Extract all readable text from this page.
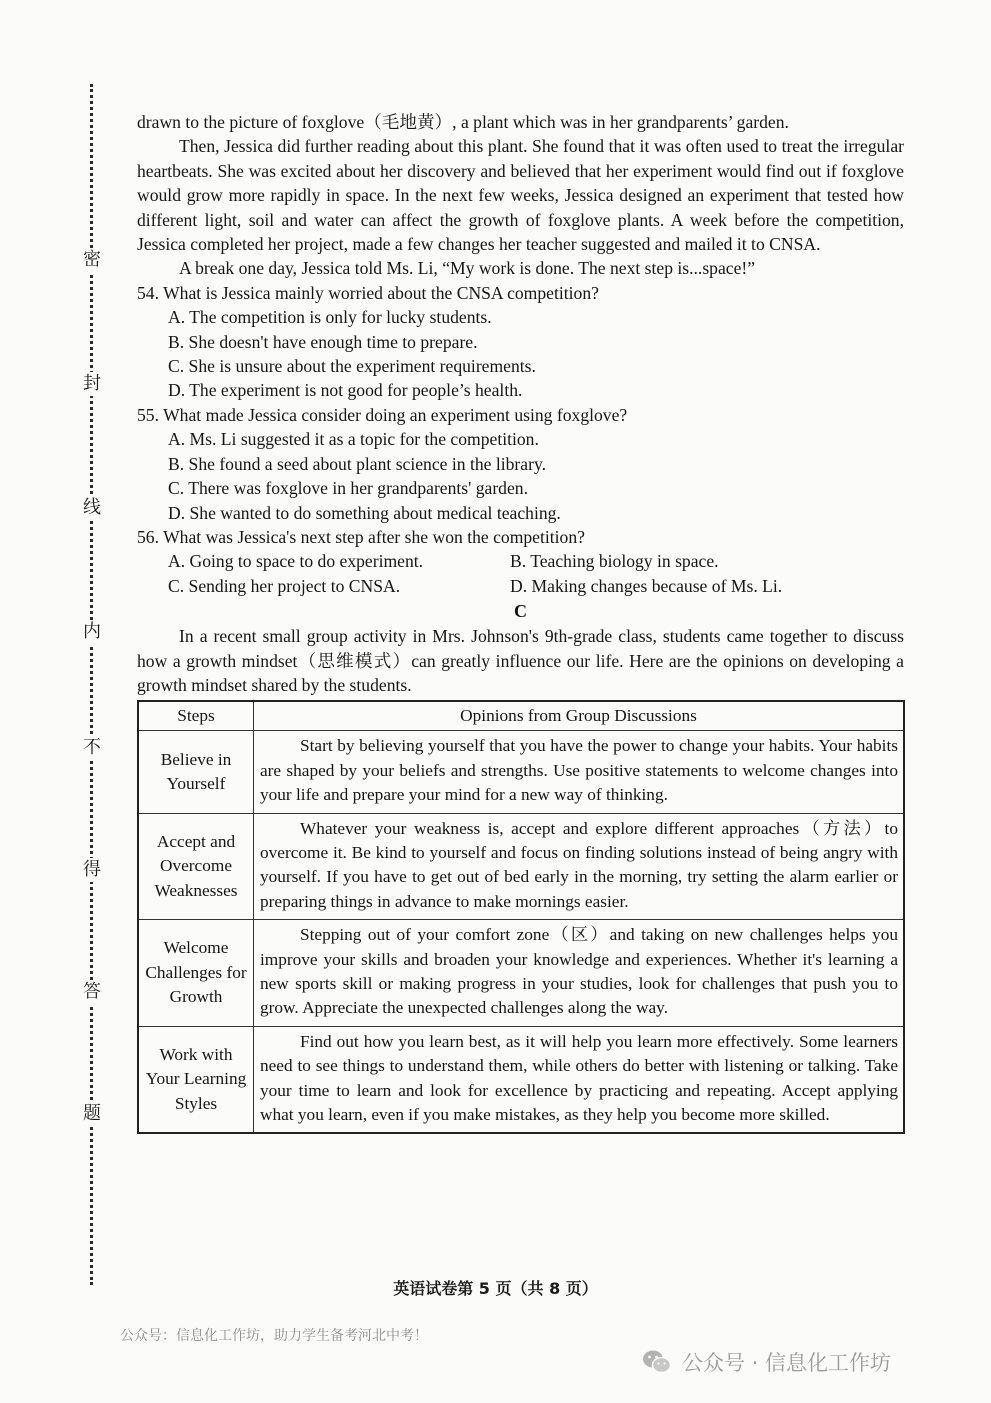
密
封
线
内
不
得
答
题

drawn to the picture of foxglove（毛地黄）, a plant which was in her grandparents’ garden.

Then, Jessica did further reading about this plant. She found that it was often used to treat the irregular heartbeats. She was excited about her discovery and believed that her experiment would find out if foxglove would grow more rapidly in space. In the next few weeks, Jessica designed an experiment that tested how different light, soil and water can affect the growth of foxglove plants. A week before the competition, Jessica completed her project, made a few changes her teacher suggested and mailed it to CNSA.

A break one day, Jessica told Ms. Li, “My work is done. The next step is...space!”

54. What is Jessica mainly worried about the CNSA competition?

A. The competition is only for lucky students.

B. She doesn't have enough time to prepare.

C. She is unsure about the experiment requirements.

D. The experiment is not good for people’s health.

55. What made Jessica consider doing an experiment using foxglove?

A. Ms. Li suggested it as a topic for the competition.

B. She found a seed about plant science in the library.

C. There was foxglove in her grandparents' garden.

D. She wanted to do something about medical teaching.

56. What was Jessica's next step after she won the competition?

A. Going to space to do experiment.	B. Teaching biology in space.
C. Sending her project to CNSA.	D. Making changes because of Ms. Li.

C

In a recent small group activity in Mrs. Johnson's 9th-grade class, students came together to discuss how a growth mindset（思维模式）can greatly influence our life. Here are the opinions on developing a growth mindset shared by the students.

Steps	Opinions from Group Discussions
Believe in Yourself	Start by believing yourself that you have the power to change your habits. Your habits are shaped by your beliefs and strengths. Use positive statements to welcome changes into your life and prepare your mind for a new way of thinking.

Accept and Overcome Weaknesses	Whatever your weakness is, accept and explore different approaches（方法）to overcome it. Be kind to yourself and focus on finding solutions instead of being angry with yourself. If you have to get out of bed early in the morning, try setting the alarm earlier or preparing things in advance to make mornings easier.

Welcome Challenges for Growth	Stepping out of your comfort zone（区）and taking on new challenges helps you improve your skills and broaden your knowledge and experiences. Whether it's learning a new sports skill or making progress in your studies, look for challenges that push you to grow. Appreciate the unexpected challenges along the way.

Work with Your Learning Styles	Find out how you learn best, as it will help you learn more effectively. Some learners need to see things to understand them, while others do better with listening or talking. Take your time to learn and look for excellence by practicing and repeating. Accept applying what you learn, even if you make mistakes, as they help you become more skilled.
英语试卷第 5 页（共 8 页）
公众号：信息化工作坊，助力学生备考河北中考！
公众号 · 信息化工作坊
